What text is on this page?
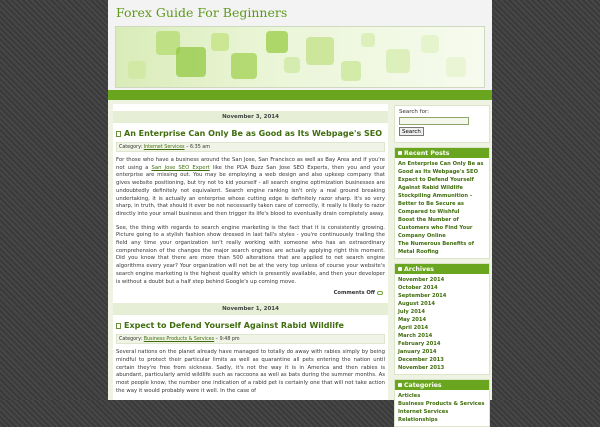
Forex Guide For Beginners
November 3, 2014
An Enterprise Can Only Be as Good as Its Webpage's SEO
Category: Internet Services – 6:35 am

For those who have a business around the San Jose, San Francisco as well as Bay Area and if you're not using a San Jose SEO Expert like the PDA Buzz San Jose SEO Experts, then you and your enterprise are missing out. You may be employing a web design and also upkeep company that gives website positioning, but try not to kid yourself - all search engine optimization businesses are undoubtedly definitely not equivalent. Search engine ranking isn't only a real ground breaking undertaking, it is actually an enterprise whose cutting edge is definitely razor sharp. It's so very sharp, in truth, that should it ever be not necessarily taken care of correctly, it really is likely to razor directly into your small business and then trigger its life's blood to eventually drain completely away.

See, the thing with regards to search engine marketing is the fact that it is consistently growing. Picture going to a stylish fashion show dressed in last fall's styles - you're continuously trailing the field any time your organization isn't really working with someone who has an extraordinary comprehension of the changes the major search engines are actually applying right this moment. Did you know that there are more than 500 alterations that are applied to net search engine algorithms every year? Your organization will not be at the very top unless of course your website's search engine marketing is the highest quality which is presently available, and then your developer is without a doubt but a half step behind Google's up coming move.

Comments Off
November 1, 2014
Expect to Defend Yourself Against Rabid Wildlife
Category: Business Products & Services – 9:48 pm

Several nations on the planet already have managed to totally do away with rabies simply by being mindful to protect their particular limits as well as quarantine all pets entering the nation until certain they're free from sickness. Sadly, it's not the way it is in America and then rabies is abundant, particularly amid wildlife such as raccoons as well as bats during the summer months. As most people know, the number one indication of a rabid pet is certainly one that will not take action the way it would probably were it well. In the case of

Search for:
Search
Recent Posts
An Enterprise Can Only Be as Good as Its Webpage's SEO
Expect to Defend Yourself Against Rabid Wildlife
Stockpiling Ammunition - Better to Be Secure as Compared to Wishful
Boost the Number of Customers who Find Your Company Online
The Numerous Benefits of Metal Roofing
Archives
November 2014
October 2014
September 2014
August 2014
July 2014
May 2014
April 2014
March 2014
February 2014
January 2014
December 2013
November 2013
Categories
Articles
Business Products & Services
Internet Services
Relationships
